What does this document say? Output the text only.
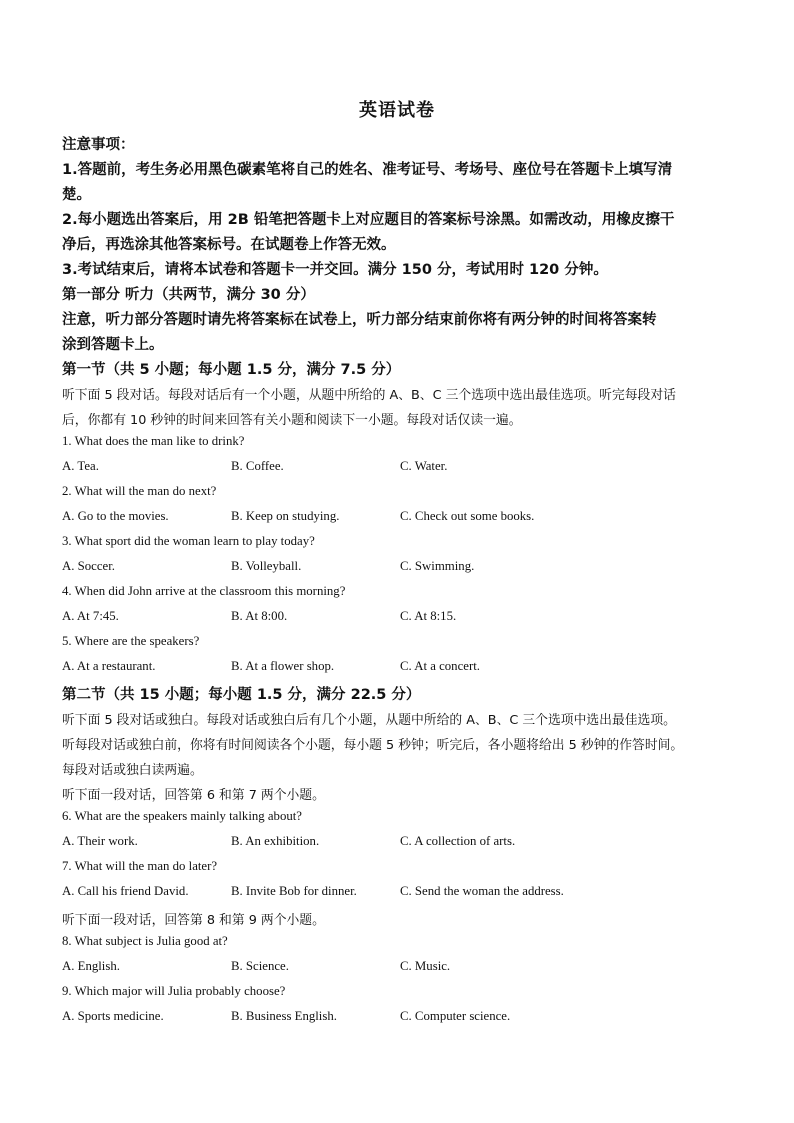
英语试卷
注意事项：
1.答题前，考生务必用黑色碳素笔将自己的姓名、准考证号、考场号、座位号在答题卡上填写清
楚。
2.每小题选出答案后，用 2B 铅笔把答题卡上对应题目的答案标号涂黑。如需改动，用橡皮擦干
净后，再选涂其他答案标号。在试题卷上作答无效。
3.考试结束后，请将本试卷和答题卡一并交回。满分 150 分，考试用时 120 分钟。
第一部分 听力（共两节，满分 30 分）
注意，听力部分答题时请先将答案标在试卷上，听力部分结束前你将有两分钟的时间将答案转
涂到答题卡上。
第一节（共 5 小题；每小题 1.5 分，满分 7.5 分）
听下面 5 段对话。每段对话后有一个小题，从题中所给的 A、B、C 三个选项中选出最佳选项。听完每段对话
后，你都有 10 秒钟的时间来回答有关小题和阅读下一小题。每段对话仅读一遍。
1. What does the man like to drink?
A. Tea.	B. Coffee.	C. Water.
2. What will the man do next?
A. Go to the movies.	B. Keep on studying.	C. Check out some books.
3. What sport did the woman learn to play today?
A. Soccer.	B. Volleyball.	C. Swimming.
4. When did John arrive at the classroom this morning?
A. At 7:45.	B. At 8:00.	C. At 8:15.
5. Where are the speakers?
A. At a restaurant.	B. At a flower shop.	C. At a concert.
第二节（共 15 小题；每小题 1.5 分，满分 22.5 分）
听下面 5 段对话或独白。每段对话或独白后有几个小题，从题中所给的 A、B、C 三个选项中选出最佳选项。
听每段对话或独白前，你将有时间阅读各个小题，每小题 5 秒钟；听完后，各小题将给出 5 秒钟的作答时间。
每段对话或独白读两遍。
听下面一段对话，回答第 6 和第 7 两个小题。
6. What are the speakers mainly talking about?
A. Their work.	B. An exhibition.	C. A collection of arts.
7. What will the man do later?
A. Call his friend David.	B. Invite Bob for dinner.	C. Send the woman the address.
听下面一段对话，回答第 8 和第 9 两个小题。
8. What subject is Julia good at?
A. English.	B. Science.	C. Music.
9. Which major will Julia probably choose?
A. Sports medicine.	B. Business English.	C. Computer science.
